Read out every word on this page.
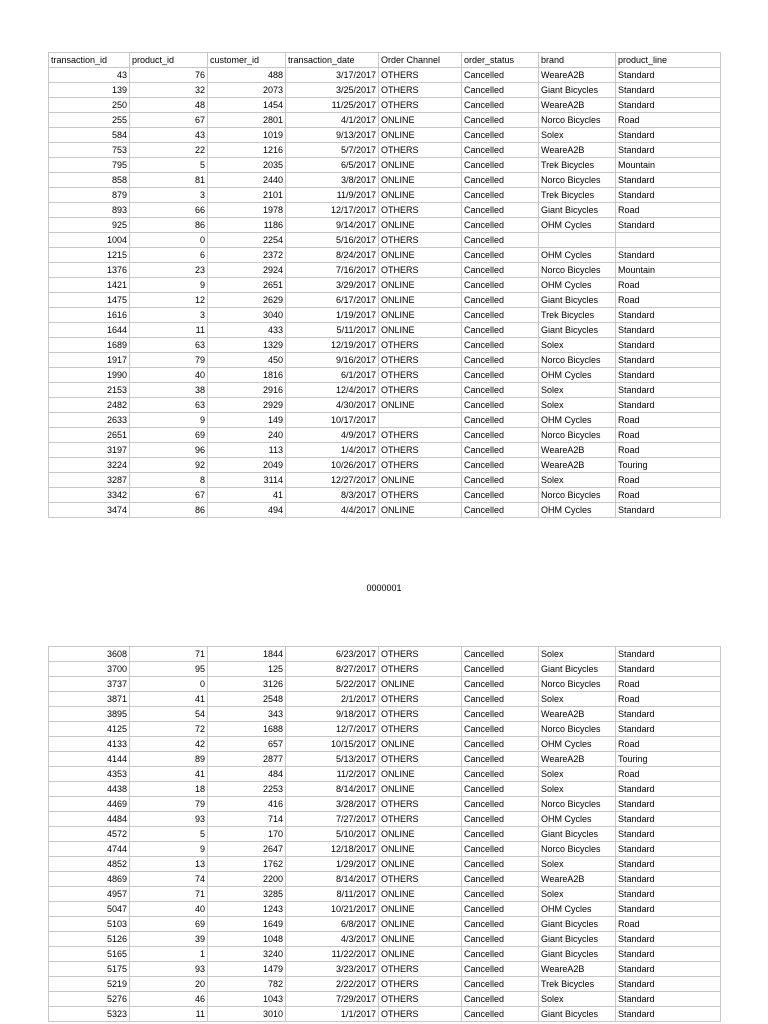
transaction_id	product_id	customer_id	transaction_date	Order Channel	order_status	brand	product_line
43	76	488	3/17/2017	OTHERS	Cancelled	WeareA2B	Standard
139	32	2073	3/25/2017	OTHERS	Cancelled	Giant Bicycles	Standard
250	48	1454	11/25/2017	OTHERS	Cancelled	WeareA2B	Standard
255	67	2801	4/1/2017	ONLINE	Cancelled	Norco Bicycles	Road
584	43	1019	9/13/2017	ONLINE	Cancelled	Solex	Standard
753	22	1216	5/7/2017	OTHERS	Cancelled	WeareA2B	Standard
795	5	2035	6/5/2017	ONLINE	Cancelled	Trek Bicycles	Mountain
858	81	2440	3/8/2017	ONLINE	Cancelled	Norco Bicycles	Standard
879	3	2101	11/9/2017	ONLINE	Cancelled	Trek Bicycles	Standard
893	66	1978	12/17/2017	OTHERS	Cancelled	Giant Bicycles	Road
925	86	1186	9/14/2017	ONLINE	Cancelled	OHM Cycles	Standard
1004	0	2254	5/16/2017	OTHERS	Cancelled		
1215	6	2372	8/24/2017	ONLINE	Cancelled	OHM Cycles	Standard
1376	23	2924	7/16/2017	OTHERS	Cancelled	Norco Bicycles	Mountain
1421	9	2651	3/29/2017	ONLINE	Cancelled	OHM Cycles	Road
1475	12	2629	6/17/2017	ONLINE	Cancelled	Giant Bicycles	Road
1616	3	3040	1/19/2017	ONLINE	Cancelled	Trek Bicycles	Standard
1644	11	433	5/11/2017	ONLINE	Cancelled	Giant Bicycles	Standard
1689	63	1329	12/19/2017	OTHERS	Cancelled	Solex	Standard
1917	79	450	9/16/2017	OTHERS	Cancelled	Norco Bicycles	Standard
1990	40	1816	6/1/2017	OTHERS	Cancelled	OHM Cycles	Standard
2153	38	2916	12/4/2017	OTHERS	Cancelled	Solex	Standard
2482	63	2929	4/30/2017	ONLINE	Cancelled	Solex	Standard
2633	9	149	10/17/2017		Cancelled	OHM Cycles	Road
2651	69	240	4/9/2017	OTHERS	Cancelled	Norco Bicycles	Road
3197	96	113	1/4/2017	OTHERS	Cancelled	WeareA2B	Road
3224	92	2049	10/26/2017	OTHERS	Cancelled	WeareA2B	Touring
3287	8	3114	12/27/2017	ONLINE	Cancelled	Solex	Road
3342	67	41	8/3/2017	OTHERS	Cancelled	Norco Bicycles	Road
3474	86	494	4/4/2017	ONLINE	Cancelled	OHM Cycles	Standard
0000001
3608	71	1844	6/23/2017	OTHERS	Cancelled	Solex	Standard
3700	95	125	8/27/2017	OTHERS	Cancelled	Giant Bicycles	Standard
3737	0	3126	5/22/2017	ONLINE	Cancelled	Norco Bicycles	Road
3871	41	2548	2/1/2017	OTHERS	Cancelled	Solex	Road
3895	54	343	9/18/2017	OTHERS	Cancelled	WeareA2B	Standard
4125	72	1688	12/7/2017	OTHERS	Cancelled	Norco Bicycles	Standard
4133	42	657	10/15/2017	ONLINE	Cancelled	OHM Cycles	Road
4144	89	2877	5/13/2017	OTHERS	Cancelled	WeareA2B	Touring
4353	41	484	11/2/2017	ONLINE	Cancelled	Solex	Road
4438	18	2253	8/14/2017	ONLINE	Cancelled	Solex	Standard
4469	79	416	3/28/2017	OTHERS	Cancelled	Norco Bicycles	Standard
4484	93	714	7/27/2017	OTHERS	Cancelled	OHM Cycles	Standard
4572	5	170	5/10/2017	ONLINE	Cancelled	Giant Bicycles	Standard
4744	9	2647	12/18/2017	ONLINE	Cancelled	Norco Bicycles	Standard
4852	13	1762	1/29/2017	ONLINE	Cancelled	Solex	Standard
4869	74	2200	8/14/2017	OTHERS	Cancelled	WeareA2B	Standard
4957	71	3285	8/11/2017	ONLINE	Cancelled	Solex	Standard
5047	40	1243	10/21/2017	ONLINE	Cancelled	OHM Cycles	Standard
5103	69	1649	6/8/2017	ONLINE	Cancelled	Giant Bicycles	Road
5126	39	1048	4/3/2017	ONLINE	Cancelled	Giant Bicycles	Standard
5165	1	3240	11/22/2017	ONLINE	Cancelled	Giant Bicycles	Standard
5175	93	1479	3/23/2017	OTHERS	Cancelled	WeareA2B	Standard
5219	20	782	2/22/2017	OTHERS	Cancelled	Trek Bicycles	Standard
5276	46	1043	7/29/2017	OTHERS	Cancelled	Solex	Standard
5323	11	3010	1/1/2017	OTHERS	Cancelled	Giant Bicycles	Standard
